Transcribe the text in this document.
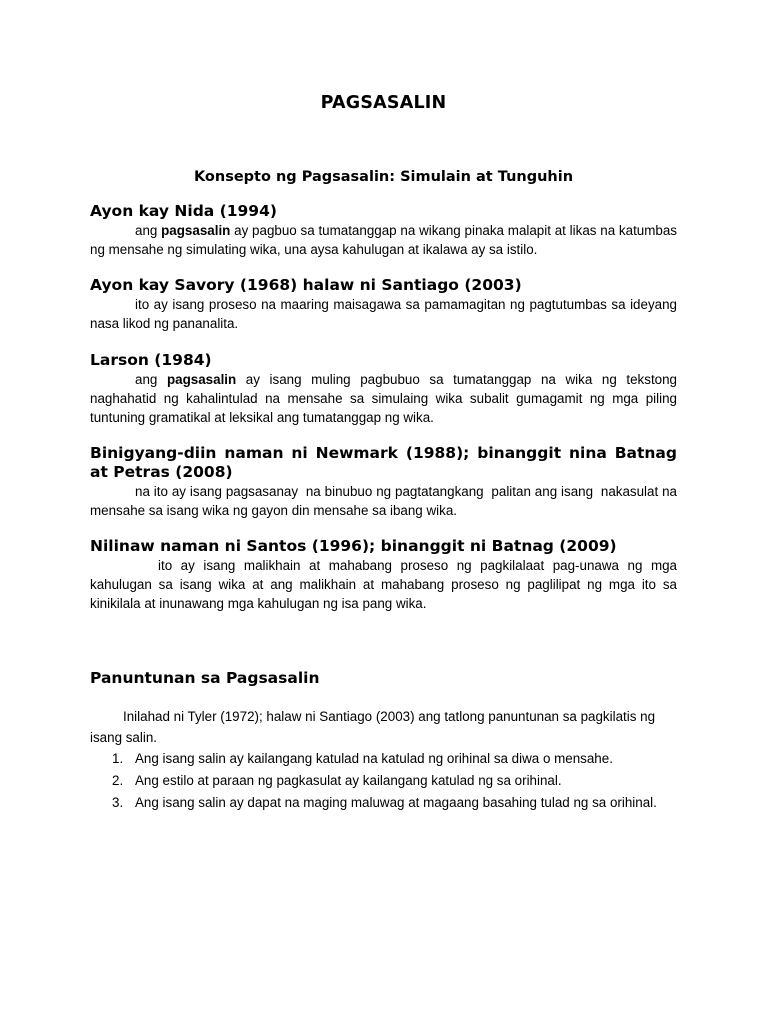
PAGSASALIN
Konsepto ng Pagsasalin: Simulain at Tunguhin
Ayon kay Nida (1994)
ang pagsasalin ay pagbuo sa tumatanggap na wikang pinaka malapit at likas na katumbas ng mensahe ng simulating wika, una aysa kahulugan at ikalawa ay sa istilo.
Ayon kay Savory (1968) halaw ni Santiago (2003)
ito ay isang proseso na maaring maisagawa sa pamamagitan ng pagtutumbas sa ideyang nasa likod ng pananalita.
Larson (1984)
ang pagsasalin ay isang muling pagbubuo sa tumatanggap na wika ng tekstong naghahatid ng kahalintulad na mensahe sa simulaing wika subalit gumagamit ng mga piling tuntuning gramatikal at leksikal ang tumatanggap ng wika.
Binigyang-diin naman ni Newmark (1988); binanggit nina Batnag at Petras (2008)
na ito ay isang pagsasanay  na binubuo ng pagtatangkang  palitan ang isang  nakasulat na mensahe sa isang wika ng gayon din mensahe sa ibang wika.
Nilinaw naman ni Santos (1996); binanggit ni Batnag (2009)
ito ay isang malikhain at mahabang proseso ng pagkilalaat pag-unawa ng mga kahulugan sa isang wika at ang malikhain at mahabang proseso ng paglilipat ng mga ito sa kinikilala at inunawang mga kahulugan ng isa pang wika.
Panuntunan sa Pagsasalin
Inilahad ni Tyler (1972); halaw ni Santiago (2003) ang tatlong panuntunan sa pagkilatis ng isang salin.
1. Ang isang salin ay kailangang katulad na katulad ng orihinal sa diwa o mensahe.
2. Ang estilo at paraan ng pagkasulat ay kailangang katulad ng sa orihinal.
3. Ang isang salin ay dapat na maging maluwag at magaang basahing tulad ng sa orihinal.
